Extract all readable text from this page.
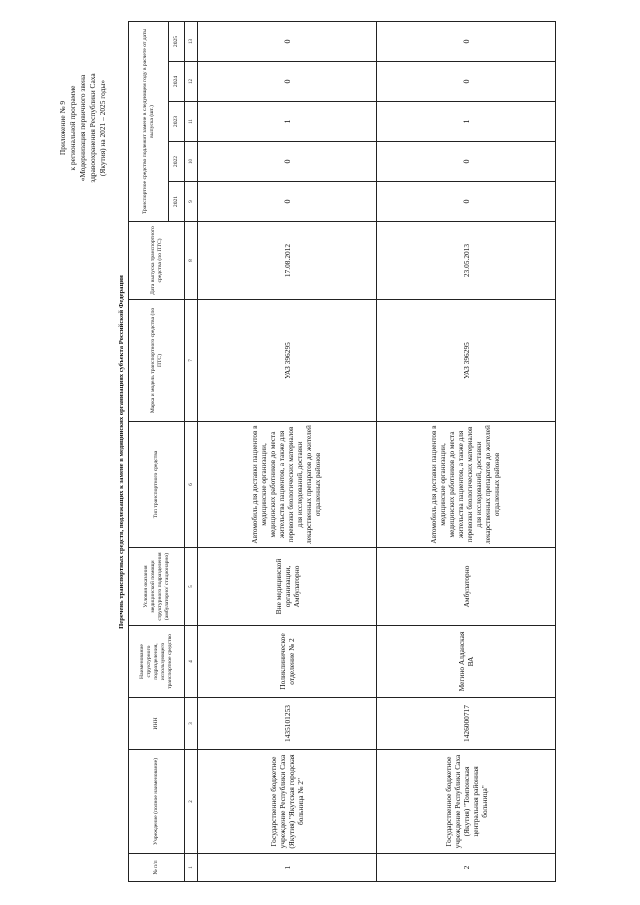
Приложение № 9 к региональной программе «Модернизация первичного звена здравоохранения Республики Саха (Якутия) на 2021 – 2025 годы»
Перечень транспортных средств, подлежащих к замене в медицинских организациях субъекта Российской Федерации
№ п/п	Учреждение (полное наименование)	ИНН	Наименование структурного подразделения, использующего транспортное средство	Условия оказания медицинской помощи структурного подразделения (амбулаторно/ стационарно)	Тип транспортного средства	Марка и модель транспортного средства (по ПТС)	Дата выпуска транспортного средства (по ПТС)	Транспортное средство подлежит замене в следующем году в расчете от даты выпуска (шт.)				
								2021	2022	2023	2024	2025
1	2	3	4	5	6	7	8	9	10	11	12	13
1	Государственное бюджетное учреждение Республики Саха (Якутия) "Якутская городская больница № 2"	1435101253	Поликлиническое отделение № 2	Вне медицинской организации, Амбулаторно	Автомобиль для доставки пациентов в медицинские организации, медицинских работников до места жительства пациентов, а также для перевозки биологических материалов для исследований, доставки лекарственных препаратов до жителей отдаленных районов	УАЗ 396295	17.08.2012	0	0	1	0	0
2	Государственное бюджетное учреждение Республики Саха (Якутия) "Томпонская центральная районная больница"	1426000717	Мегино Алданская ВА	Амбулаторно	Автомобиль для доставки пациентов в медицинские организации, медицинских работников до места жительства пациентов, а также для перевозки биологических материалов для исследований, доставки лекарственных препаратов до жителей отдаленных районов	УАЗ 396295	23.05.2013	0	0	1	0	0
